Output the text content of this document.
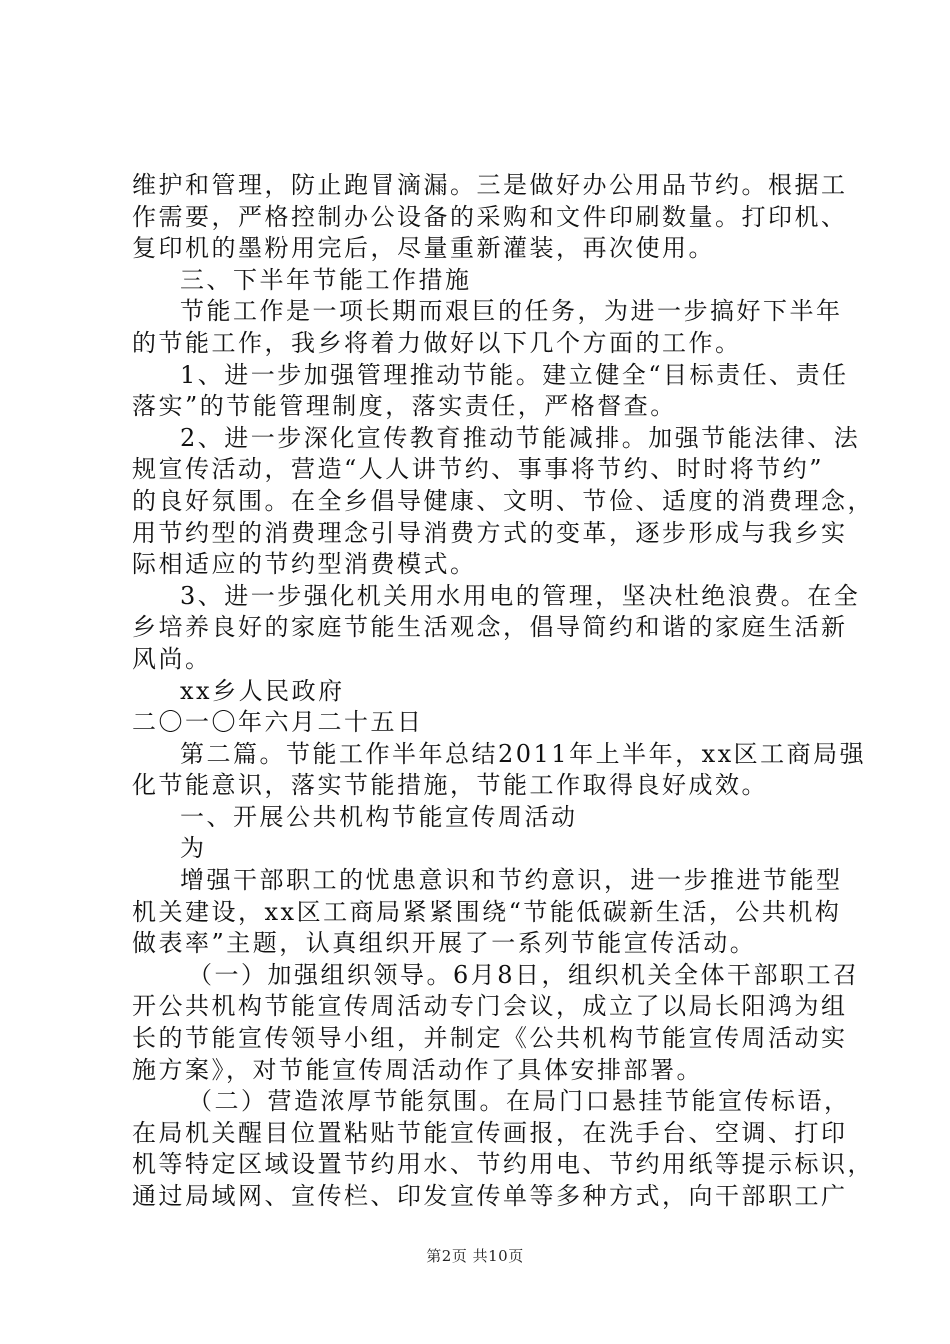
维护和管理，防止跑冒滴漏。三是做好办公用品节约。根据工
作需要，严格控制办公设备的采购和文件印刷数量。打印机、
复印机的墨粉用完后，尽量重新灌装，再次使用。
三、下半年节能工作措施
节能工作是一项长期而艰巨的任务，为进一步搞好下半年
的节能工作，我乡将着力做好以下几个方面的工作。
1、进一步加强管理推动节能。建立健全“目标责任、责任
落实”的节能管理制度，落实责任，严格督查。
2、进一步深化宣传教育推动节能减排。加强节能法律、法
规宣传活动，营造“人人讲节约、事事将节约、时时将节约”
的良好氛围。在全乡倡导健康、文明、节俭、适度的消费理念，
用节约型的消费理念引导消费方式的变革，逐步形成与我乡实
际相适应的节约型消费模式。
3、进一步强化机关用水用电的管理，坚决杜绝浪费。在全
乡培养良好的家庭节能生活观念，倡导简约和谐的家庭生活新
风尚。
xx乡人民政府
二〇一〇年六月二十五日
第二篇。节能工作半年总结2011年上半年，xx区工商局强
化节能意识，落实节能措施，节能工作取得良好成效。
一、开展公共机构节能宣传周活动
为
增强干部职工的忧患意识和节约意识，进一步推进节能型
机关建设，xx区工商局紧紧围绕“节能低碳新生活，公共机构
做表率”主题，认真组织开展了一系列节能宣传活动。
（一）加强组织领导。6月8日，组织机关全体干部职工召
开公共机构节能宣传周活动专门会议，成立了以局长阳鸿为组
长的节能宣传领导小组，并制定《公共机构节能宣传周活动实
施方案》，对节能宣传周活动作了具体安排部署。
（二）营造浓厚节能氛围。在局门口悬挂节能宣传标语，
在局机关醒目位置粘贴节能宣传画报，在洗手台、空调、打印
机等特定区域设置节约用水、节约用电、节约用纸等提示标识，
通过局域网、宣传栏、印发宣传单等多种方式，向干部职工广
第2页 共10页
